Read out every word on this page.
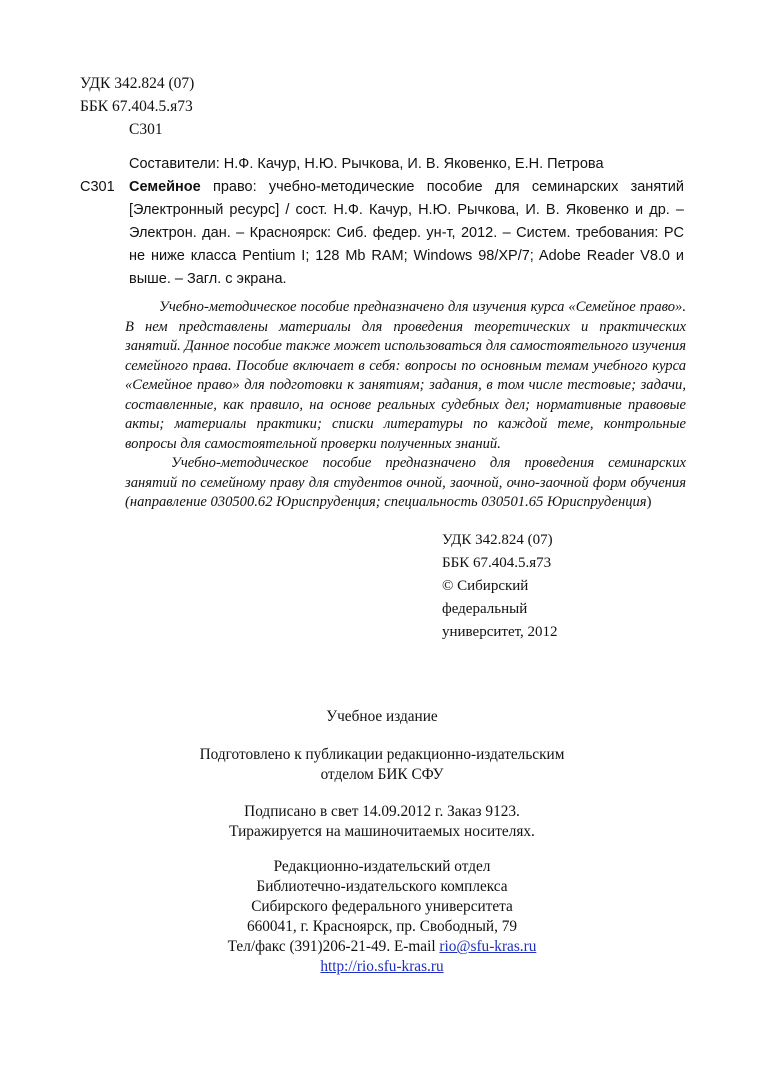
УДК 342.824 (07)
ББК 67.404.5.я73
С301
Составители: Н.Ф. Качур, Н.Ю. Рычкова, И. В. Яковенко, Е.Н. Петрова
С301 Семейное право: учебно-методические пособие для семинарских занятий [Электронный ресурс] / сост. Н.Ф. Качур, Н.Ю. Рычкова, И. В. Яковенко и др. – Электрон. дан. – Красноярск: Сиб. федер. ун-т, 2012. – Систем. требования: PC не ниже класса Pentium I; 128 Mb RAM; Windows 98/XP/7; Adobe Reader V8.0 и выше. – Загл. с экрана.

Учебно-методическое пособие предназначено для изучения курса «Семейное право». В нем представлены материалы для проведения теоретических и практических занятий. Данное пособие также может использоваться для самостоятельного изучения семейного права. Пособие включает в себя: вопросы по основным темам учебного курса «Семейное право» для подготовки к занятиям; задания, в том числе тестовые; задачи, составленные, как правило, на основе реальных судебных дел; нормативные правовые акты; материалы практики; списки литературы по каждой теме, контрольные вопросы для самостоятельной проверки полученных знаний.

Учебно-методическое пособие предназначено для проведения семинарских занятий по семейному праву для студентов очной, заочной, очно-заочной форм обучения (направление 030500.62 Юриспруденция; специальность 030501.65 Юриспруденция)

УДК 342.824 (07)
ББК 67.404.5.я73
© Сибирский
федеральный
университет, 2012
Учебное издание
Подготовлено к публикации редакционно-издательским
отделом БИК СФУ
Подписано в свет 14.09.2012 г. Заказ 9123.
Тиражируется на машиночитаемых носителях.
Редакционно-издательский отдел
Библиотечно-издательского комплекса
Сибирского федерального университета
660041, г. Красноярск, пр. Свободный, 79
Тел/факс (391)206-21-49. E-mail rio@sfu-kras.ru
http://rio.sfu-kras.ru
